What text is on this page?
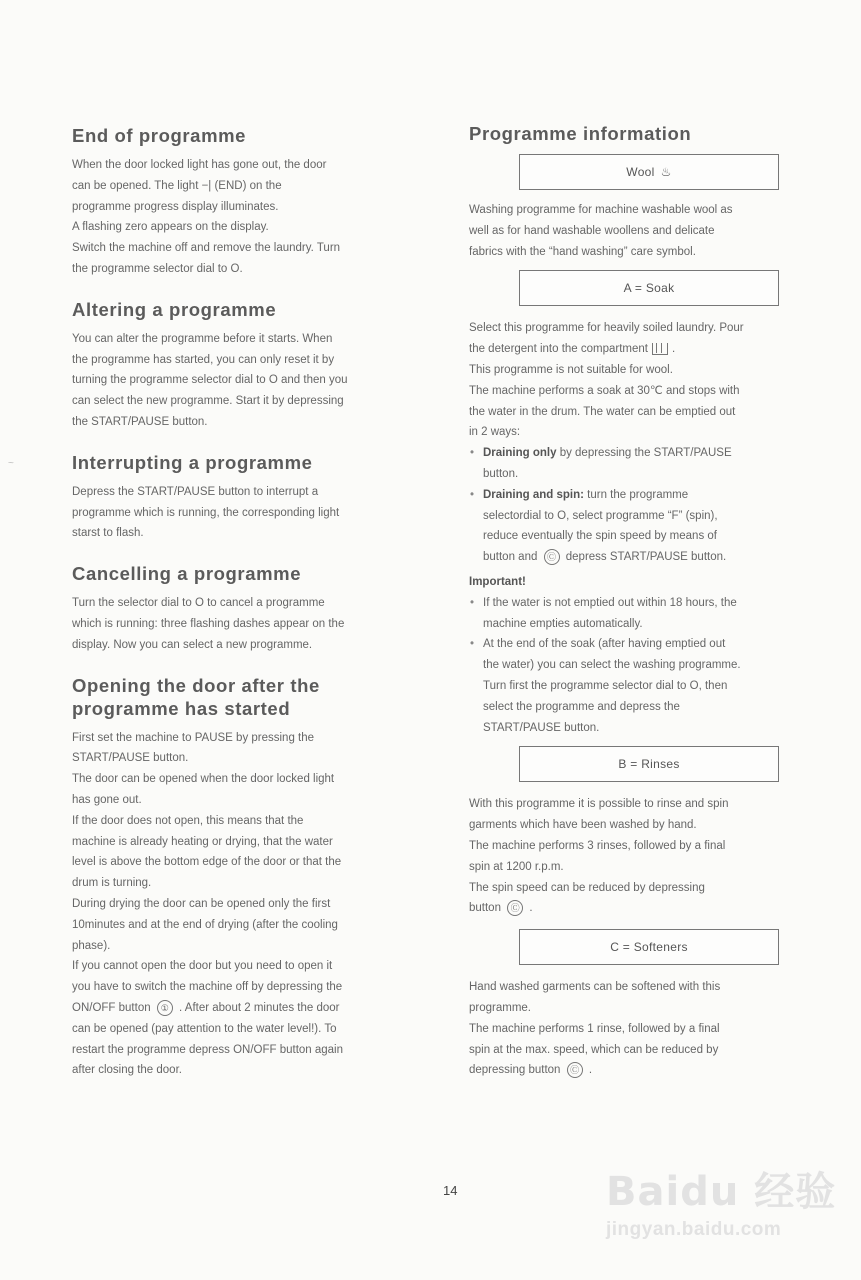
~
End of programme

When the door locked light has gone out, the door

can be opened. The light −| (END) on the

programme progress display illuminates.

A flashing zero appears on the display.

Switch the machine off and remove the laundry. Turn

the programme selector dial to O.

Altering a programme

You can alter the programme before it starts. When

the programme has started, you can only reset it by

turning the programme selector dial to O and then you

can select the new programme. Start it by depressing

the START/PAUSE button.

Interrupting a programme

Depress the START/PAUSE button to interrupt a

programme which is running, the corresponding light

starst to flash.

Cancelling a programme

Turn the selector dial to O to cancel a programme

which is running: three flashing dashes appear on the

display. Now you can select a new programme.

Opening the door after the
programme has started

First set the machine to PAUSE by pressing the

START/PAUSE button.

The door can be opened when the door locked light

has gone out.

If the door does not open, this means that the

machine is already heating or drying, that the water

level is above the bottom edge of the door or that the

drum is turning.

During drying the door can be opened only the first

10minutes and at the end of drying (after the cooling

phase).

If you cannot open the door but you need to open it

you have to switch the machine off by depressing the

ON/OFF button ① . After about 2 minutes the door

can be opened (pay attention to the water level!). To

restart the programme depress ON/OFF button again

after closing the door.

Programme information
Wool ♨

Washing programme for machine washable wool as

well as for hand washable woollens and delicate

fabrics with the “hand washing” care symbol.

A = Soak

Select this programme for heavily soiled laundry. Pour

the detergent into the compartment .

This programme is not suitable for wool.

The machine performs a soak at 30℃ and stops with

the water in the drum. The water can be emptied out

in 2 ways:

• Draining only by depressing the START/PAUSE
button.
• Draining and spin: turn the programme
selectordial to O, select programme “F” (spin),
reduce eventually the spin speed by means of
button and Ⓒ depress START/PAUSE button.

Important!

• If the water is not emptied out within 18 hours, the
machine empties automatically.
• At the end of the soak (after having emptied out
the water) you can select the washing programme.
Turn first the programme selector dial to O, then
select the programme and depress the
START/PAUSE button.
B = Rinses

With this programme it is possible to rinse and spin

garments which have been washed by hand.

The machine performs 3 rinses, followed by a final

spin at 1200 r.p.m.

The spin speed can be reduced by depressing

button Ⓒ .

C = Softeners

Hand washed garments can be softened with this

programme.

The machine performs 1 rinse, followed by a final

spin at the max. speed, which can be reduced by

depressing button Ⓒ .

14	Baidu 经验
jingyan.baidu.com
